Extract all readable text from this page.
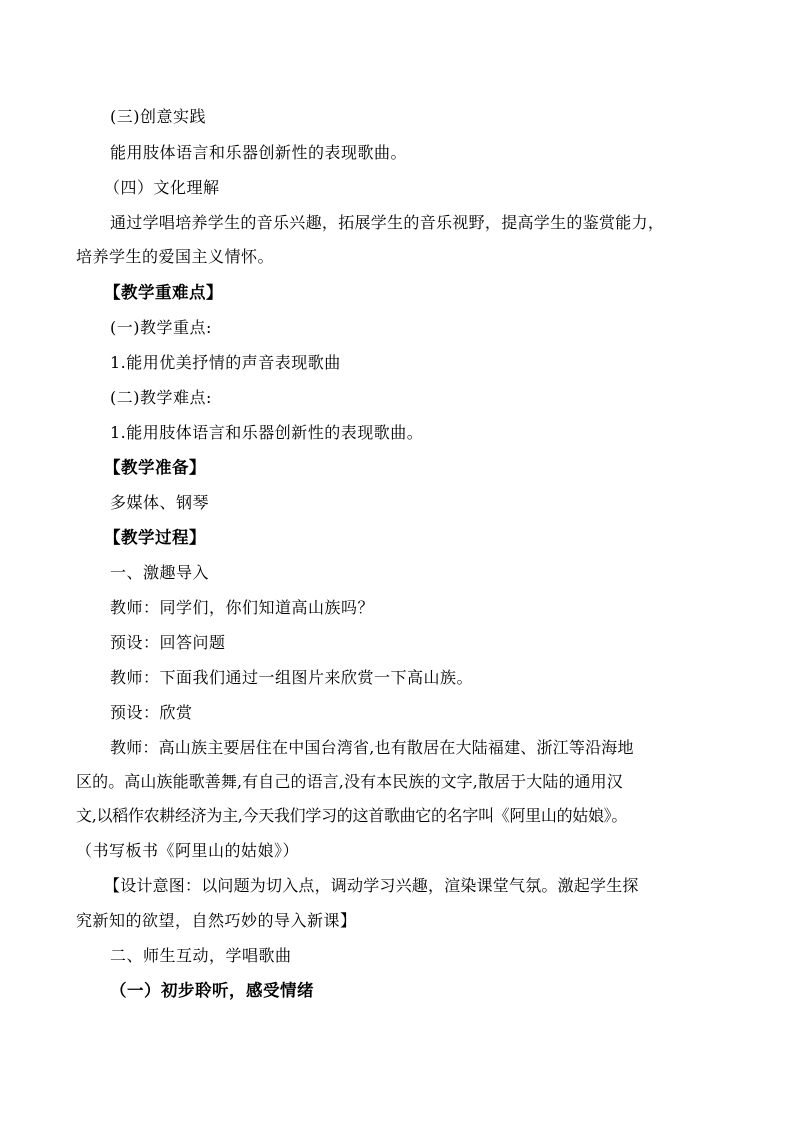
(三)创意实践
能用肢体语言和乐器创新性的表现歌曲。
（四）文化理解
通过学唱培养学生的音乐兴趣，拓展学生的音乐视野，提高学生的鉴赏能力，
培养学生的爱国主义情怀。
【教学重难点】
(一)教学重点:
1.能用优美抒情的声音表现歌曲
(二)教学难点:
1.能用肢体语言和乐器创新性的表现歌曲。
【教学准备】
多媒体、钢琴
【教学过程】
一、激趣导入
教师：同学们，你们知道高山族吗？
预设：回答问题
教师：下面我们通过一组图片来欣赏一下高山族。
预设：欣赏
教师：高山族主要居住在中国台湾省,也有散居在大陆福建、浙江等沿海地
区的。高山族能歌善舞,有自己的语言,没有本民族的文字,散居于大陆的通用汉
文,以稻作农耕经济为主,今天我们学习的这首歌曲它的名字叫《阿里山的姑娘》。
（书写板书《阿里山的姑娘》）
【设计意图：以问题为切入点，调动学习兴趣，渲染课堂气氛。激起学生探
究新知的欲望，自然巧妙的导入新课】
二、师生互动，学唱歌曲
（一）初步聆听，感受情绪
